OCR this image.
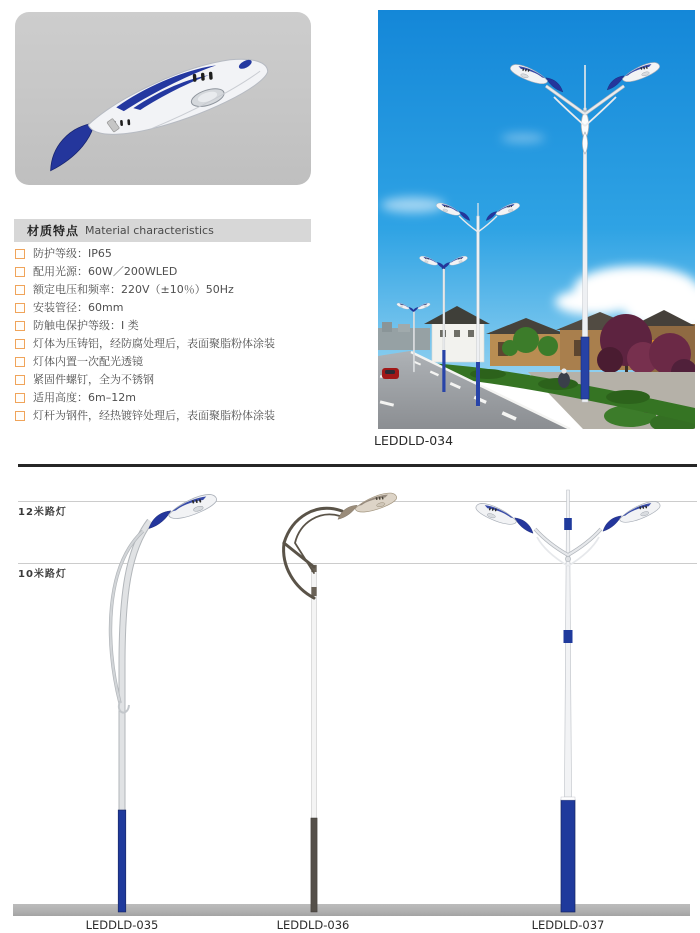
LEDDLD-034
材质特点 Material characteristics
防护等级：IP65
配用光源：60W／200WLED
额定电压和频率：220V（±10％）50Hz
安装管径：60mm
防触电保护等级：I 类
灯体为压铸铝，经防腐处理后，表面聚脂粉体涂装
灯体内置一次配光透镜
紧固件螺钉，全为不锈钢
适用高度：6m–12m
灯杆为钢件，经热镀锌处理后，表面聚脂粉体涂装
12米路灯
10米路灯
LEDDLD-035	LEDDLD-036	LEDDLD-037
